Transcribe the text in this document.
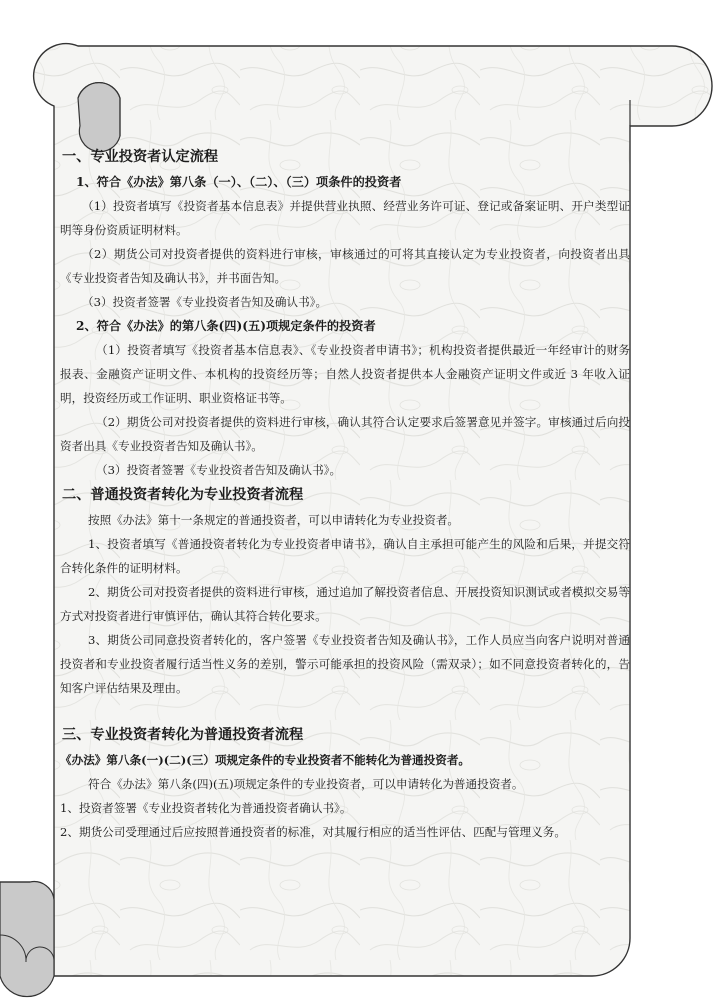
一、专业投资者认定流程
1、符合《办法》第八条（一）、（二）、（三）项条件的投资者

（1）投资者填写《投资者基本信息表》并提供营业执照、经营业务许可证、登记或备案证明、开户类型证明等身份资质证明材料。

（2）期货公司对投资者提供的资料进行审核，审核通过的可将其直接认定为专业投资者，向投资者出具《专业投资者告知及确认书》，并书面告知。

（3）投资者签署《专业投资者告知及确认书》。

2、符合《办法》的第八条(四)(五)项规定条件的投资者

（1）投资者填写《投资者基本信息表》、《专业投资者申请书》；机构投资者提供最近一年经审计的财务报表、金融资产证明文件、本机构的投资经历等；自然人投资者提供本人金融资产证明文件或近 3 年收入证明，投资经历或工作证明、职业资格证书等。

（2）期货公司对投资者提供的资料进行审核，确认其符合认定要求后签署意见并签字。审核通过后向投资者出具《专业投资者告知及确认书》。

（3）投资者签署《专业投资者告知及确认书》。

二、普通投资者转化为专业投资者流程

按照《办法》第十一条规定的普通投资者，可以申请转化为专业投资者。

1、投资者填写《普通投资者转化为专业投资者申请书》，确认自主承担可能产生的风险和后果，并提交符合转化条件的证明材料。

2、期货公司对投资者提供的资料进行审核，通过追加了解投资者信息、开展投资知识测试或者模拟交易等方式对投资者进行审慎评估，确认其符合转化要求。

3、期货公司同意投资者转化的，客户签署《专业投资者告知及确认书》，工作人员应当向客户说明对普通投资者和专业投资者履行适当性义务的差别，警示可能承担的投资风险（需双录）；如不同意投资者转化的，告知客户评估结果及理由。

三、专业投资者转化为普通投资者流程

《办法》第八条(一)(二)(三）项规定条件的专业投资者不能转化为普通投资者。

符合《办法》第八条(四)(五)项规定条件的专业投资者，可以申请转化为普通投资者。

1、投资者签署《专业投资者转化为普通投资者确认书》。

2、期货公司受理通过后应按照普通投资者的标准，对其履行相应的适当性评估、匹配与管理义务。
